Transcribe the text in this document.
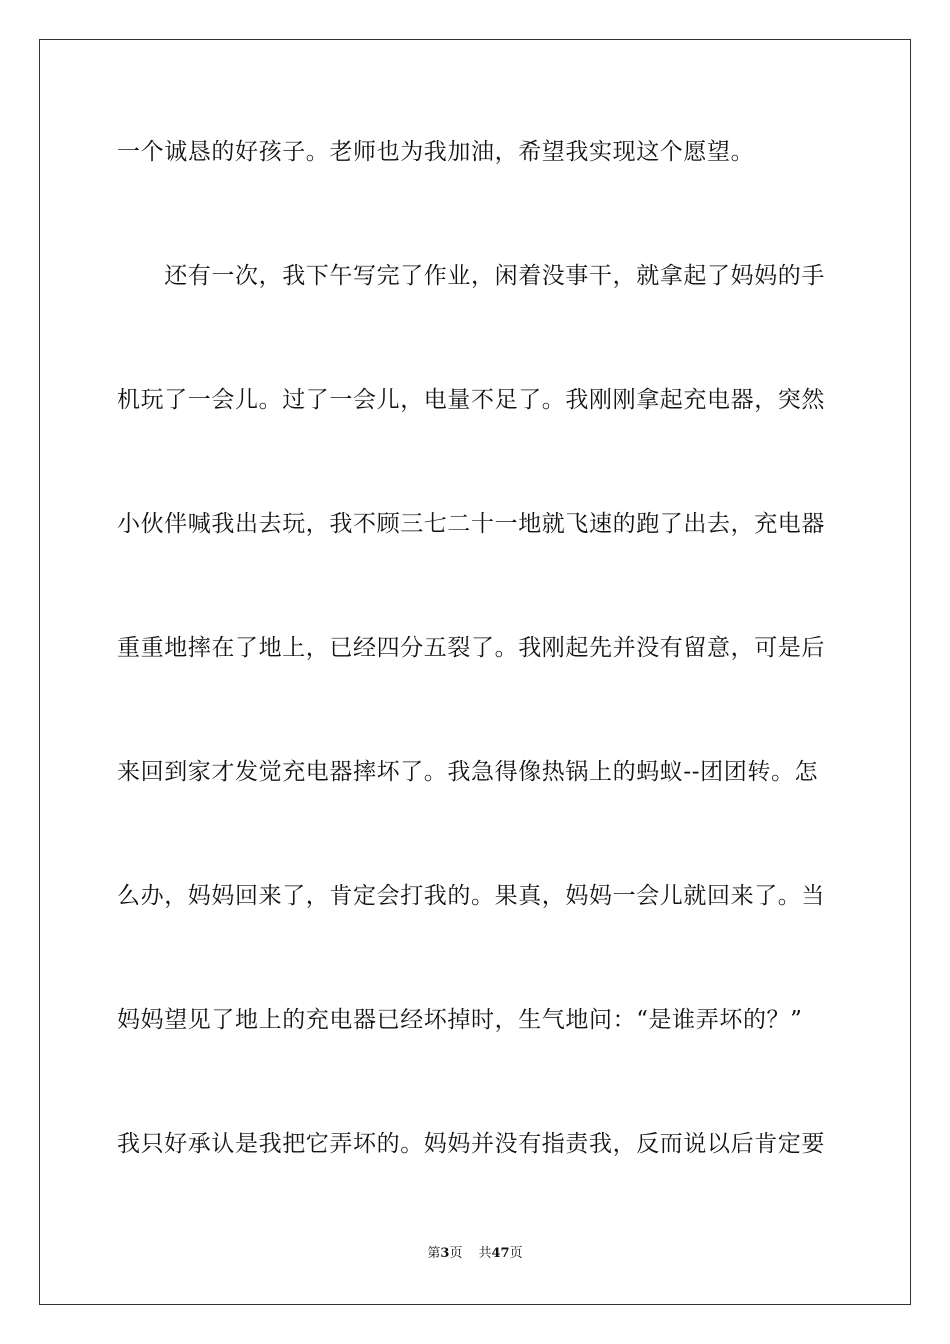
一个诚恳的好孩子。老师也为我加油，希望我实现这个愿望。
　　还有一次，我下午写完了作业，闲着没事干，就拿起了妈妈的手
机玩了一会儿。过了一会儿，电量不足了。我刚刚拿起充电器，突然
小伙伴喊我出去玩，我不顾三七二十一地就飞速的跑了出去，充电器
重重地摔在了地上，已经四分五裂了。我刚起先并没有留意，可是后
来回到家才发觉充电器摔坏了。我急得像热锅上的蚂蚁--团团转。怎
么办，妈妈回来了，肯定会打我的。果真，妈妈一会儿就回来了。当
妈妈望见了地上的充电器已经坏掉时，生气地问：“是谁弄坏的？”
我只好承认是我把它弄坏的。妈妈并没有指责我，反而说以后肯定要
第3页 共47页
